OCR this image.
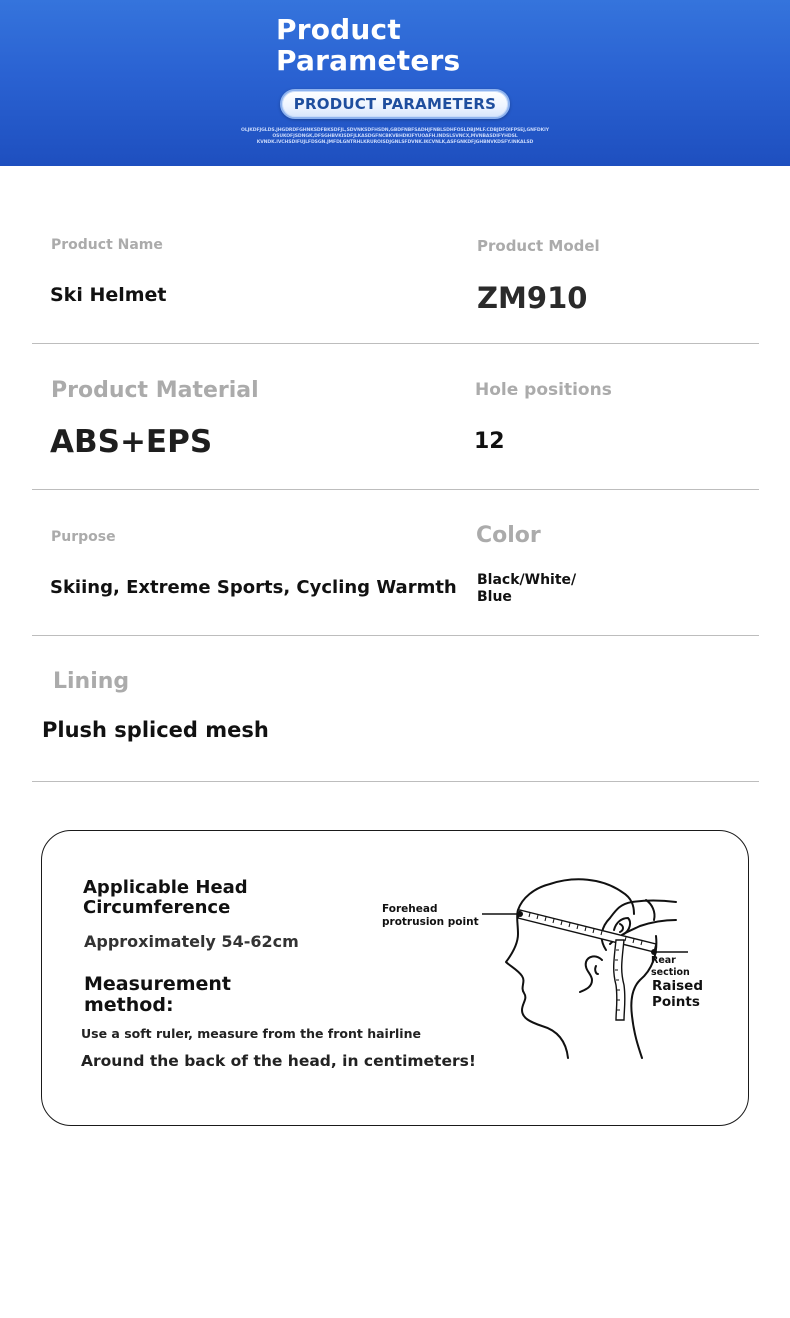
Product
Parameters
PRODUCT PARAMETERS
OLJKDFJGLDS.JHGDRDFGHNKSDFBKSDFJL,SDVNKSDFHSDN,GBDFNBFSADHJFNBLSDHFOSLDBJMLF.CDBJDFOIFPSEJ,GNFDKIY
OSUKOFJSDNGK,DFSGHBVKISDFJLKASDGFNCBKVBHDKIFYUOAFH.INDSLSVNCX,MVNBASDIFYHDSL
KVNDK.IVCHSDIFUJLFDSGN.JMFDLGNTRHLKRUROISDJGNLSFDVNK.IKCVNLK,ASFGNKDFJGHBNVKDSFY.INKALSD
Product Name
Ski Helmet
Product Model
ZM910
Product Material
ABS+EPS
Hole positions
12
Purpose
Skiing, Extreme Sports, Cycling Warmth
Color
Black/White/
Blue
Lining
Plush spliced mesh
Applicable Head
Circumference
Approximately 54-62cm
Measurement
method:
Use a soft ruler, measure from the front hairline
Around the back of the head, in centimeters!
Forehead
protrusion point
Rear
section
Raised
Points
